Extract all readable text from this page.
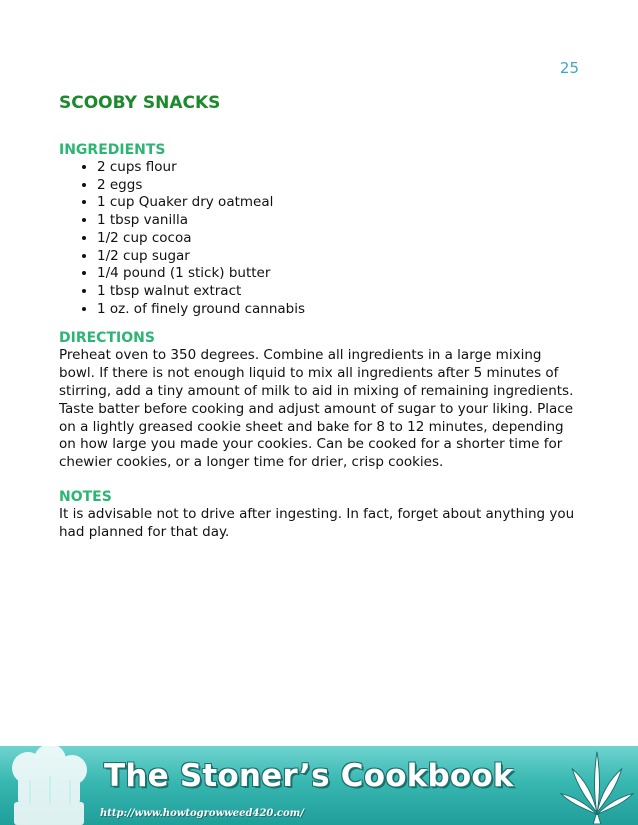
25
SCOOBY SNACKS
INGREDIENTS
• 2 cups flour
• 2 eggs
• 1 cup Quaker dry oatmeal
• 1 tbsp vanilla
• 1/2 cup cocoa
• 1/2 cup sugar
• 1/4 pound (1 stick) butter
• 1 tbsp walnut extract
• 1 oz. of finely ground cannabis
DIRECTIONS

Preheat oven to 350 degrees. Combine all ingredients in a large mixing bowl. If there is not enough liquid to mix all ingredients after 5 minutes of stirring, add a tiny amount of milk to aid in mixing of remaining ingredients. Taste batter before cooking and adjust amount of sugar to your liking. Place on a lightly greased cookie sheet and bake for 8 to 12 minutes, depending on how large you made your cookies. Can be cooked for a shorter time for chewier cookies, or a longer time for drier, crisp cookies.

NOTES

It is advisable not to drive after ingesting. In fact, forget about anything you had planned for that day.

The Stoner’s Cookbook
http://www.howtogrowweed420.com/
